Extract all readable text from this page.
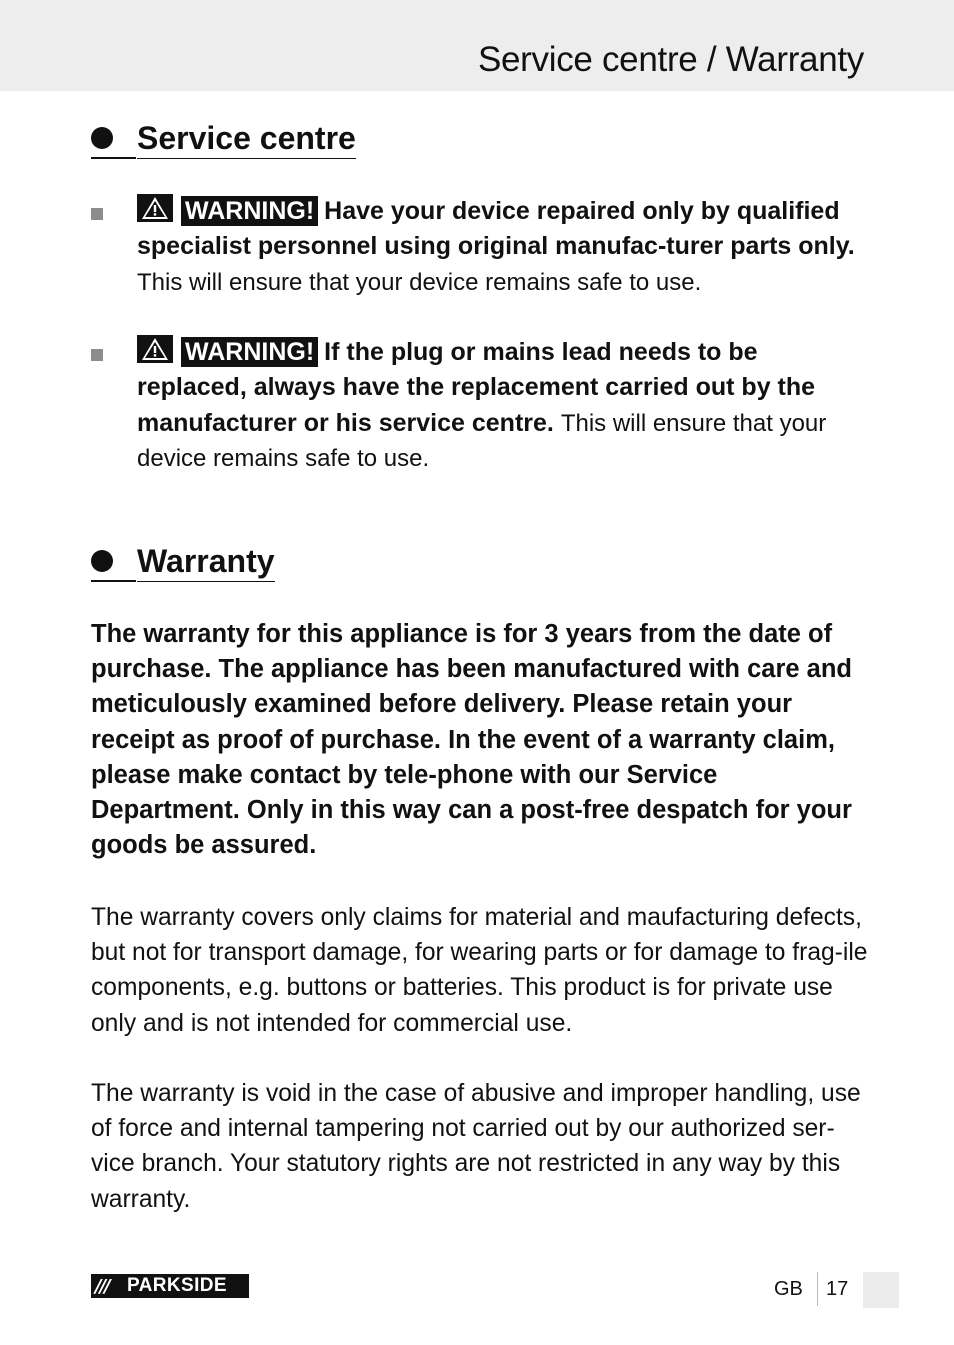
Service centre / Warranty
Service centre
WARNING! Have your device repaired only by qualified specialist personnel using original manufac-turer parts only. This will ensure that your device remains safe to use.
WARNING! If the plug or mains lead needs to be replaced, always have the replacement carried out by the manufacturer or his service centre. This will ensure that your device remains safe to use.
Warranty
The warranty for this appliance is for 3 years from the date of purchase. The appliance has been manufactured with care and meticulously examined before delivery. Please retain your receipt as proof of purchase. In the event of a warranty claim, please make contact by tele-phone with our Service Department. Only in this way can a post-free despatch for your goods be assured.
The warranty covers only claims for material and maufacturing defects, but not for transport damage, for wearing parts or for damage to frag-ile components, e.g. buttons or batteries. This product is for private use only and is not intended for commercial use.
The warranty is void in the case of abusive and improper handling, use of force and internal tampering not carried out by our authorized ser-vice branch. Your statutory rights are not restricted in any way by this warranty.
/// PARKSIDE	GB 17
